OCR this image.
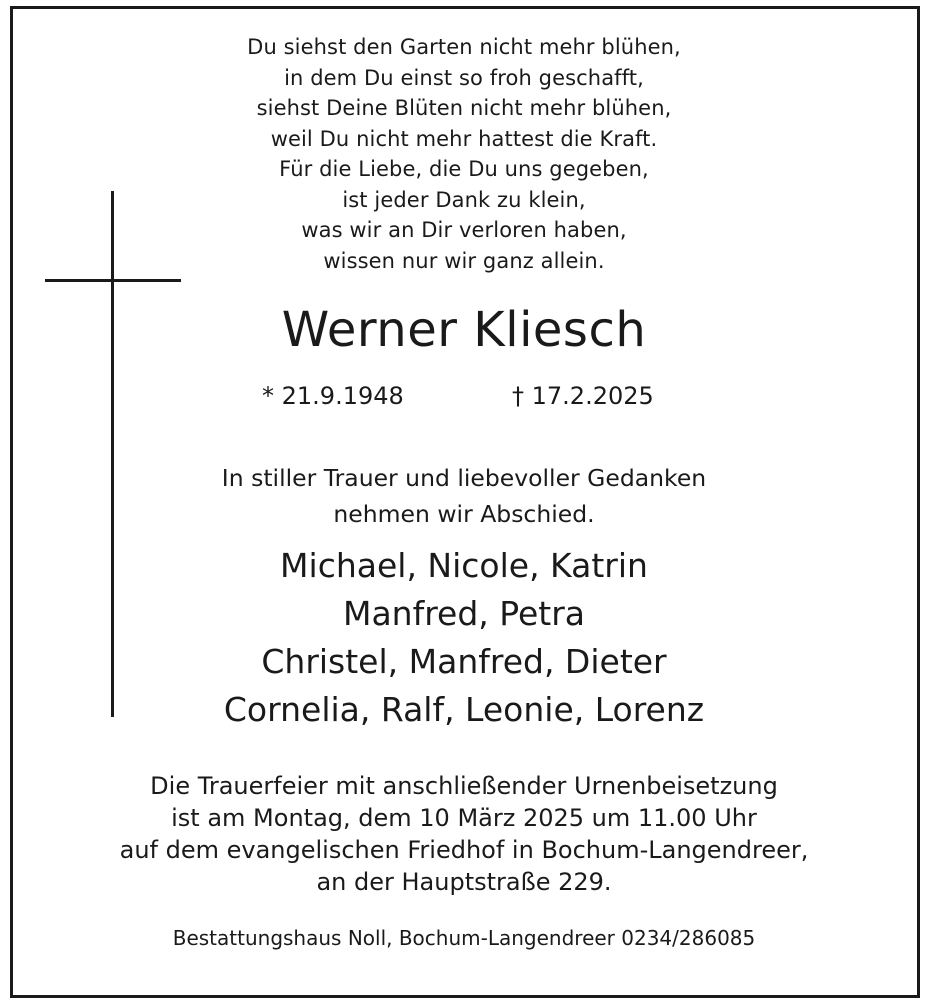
Du siehst den Garten nicht mehr blühen,
in dem Du einst so froh geschafft,
siehst Deine Blüten nicht mehr blühen,
weil Du nicht mehr hattest die Kraft.
Für die Liebe, die Du uns gegeben,
ist jeder Dank zu klein,
was wir an Dir verloren haben,
wissen nur wir ganz allein.
Werner Kliesch
* 21.9.1948	† 17.2.2025
In stiller Trauer und liebevoller Gedanken
nehmen wir Abschied.
Michael, Nicole, Katrin
Manfred, Petra
Christel, Manfred, Dieter
Cornelia, Ralf, Leonie, Lorenz
Die Trauerfeier mit anschließender Urnenbeisetzung
ist am Montag, dem 10 März 2025 um 11.00 Uhr
auf dem evangelischen Friedhof in Bochum-Langendreer,
an der Hauptstraße 229.
Bestattungshaus Noll, Bochum-Langendreer 0234/286085
